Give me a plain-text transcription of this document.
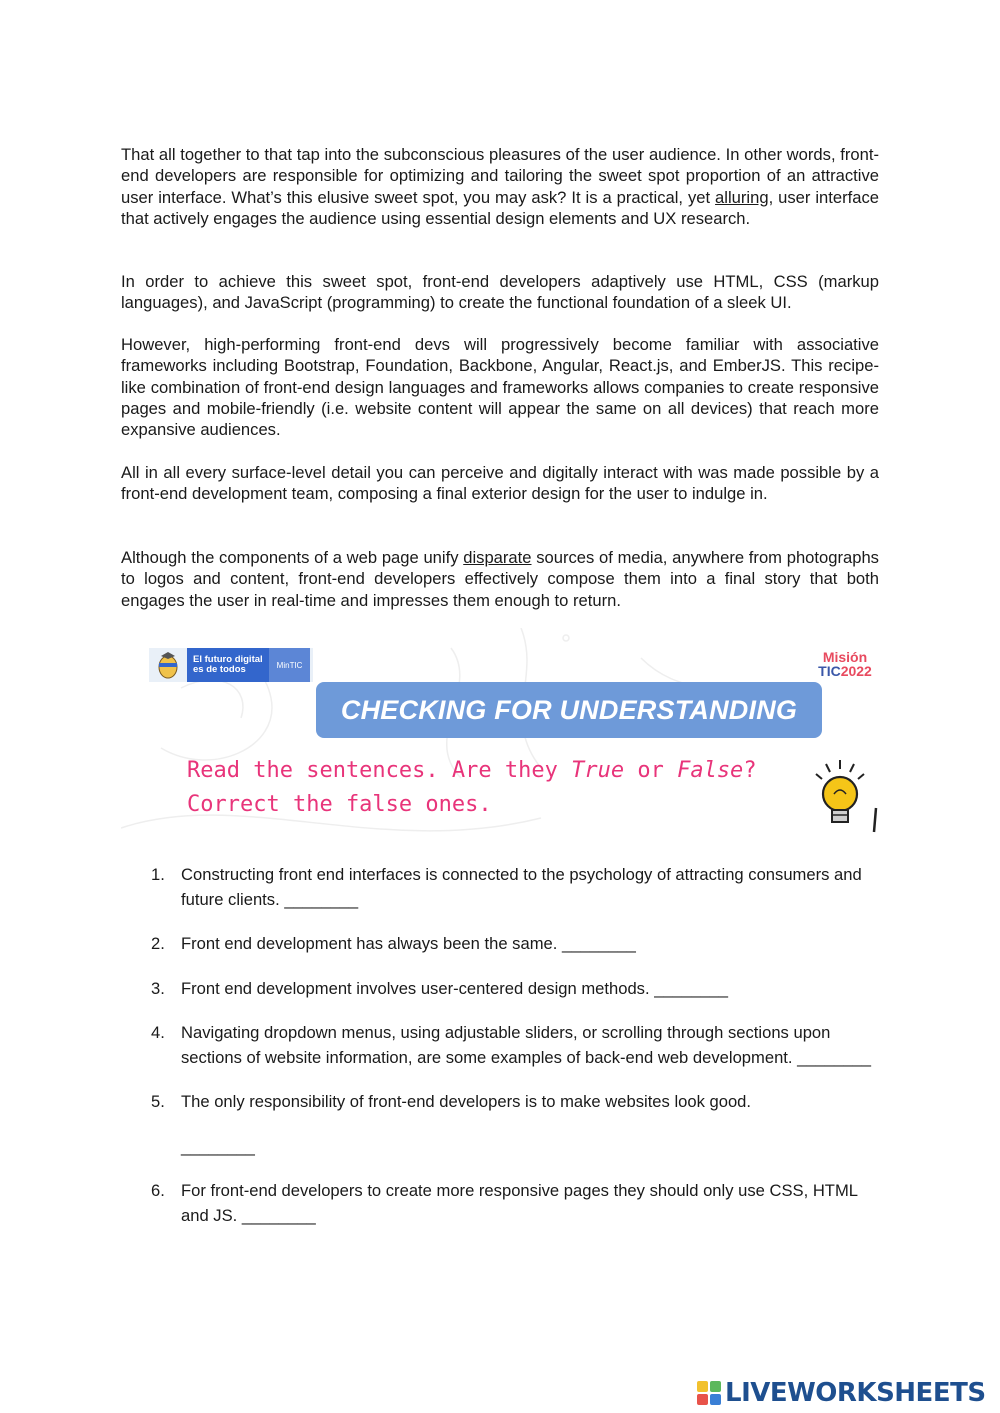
That all together to that tap into the subconscious pleasures of the user audience. In other words, front-end developers are responsible for optimizing and tailoring the sweet spot proportion of an attractive user interface. What’s this elusive sweet spot, you may ask? It is a practical, yet alluring, user interface that actively engages the audience using essential design elements and UX research.

In order to achieve this sweet spot, front-end developers adaptively use HTML, CSS (markup languages), and JavaScript (programming) to create the functional foundation of a sleek UI.

However, high-performing front-end devs will progressively become familiar with associative frameworks including Bootstrap, Foundation, Backbone, Angular, React.js, and EmberJS. This recipe-like combination of front-end design languages and frameworks allows companies to create responsive pages and mobile-friendly (i.e. website content will appear the same on all devices) that reach more expansive audiences.

All in all every surface-level detail you can perceive and digitally interact with was made possible by a front-end development team, composing a final exterior design for the user to indulge in.

Although the components of a web page unify disparate sources of media, anywhere from photographs to logos and content, front-end developers effectively compose them into a final story that both engages the user in real-time and impresses them enough to return.

El futuro digital
es de todos	MinTIC	Misión
TIC2022
CHECKING FOR UNDERSTANDING
Read the sentences. Are they True or False?
Correct the false ones.
1. Constructing front end interfaces is connected to the psychology of attracting consumers and future clients. ________
2. Front end development has always been the same. ________
3. Front end development involves user-centered design methods. ________
4. Navigating dropdown menus, using adjustable sliders, or scrolling through sections upon sections of website information, are some examples of back-end web development. ________
5. The only responsibility of front-end developers is to make websites look good.
________
6. For front-end developers to create more responsive pages they should only use CSS, HTML and JS. ________
LIVEWORKSHEETS
